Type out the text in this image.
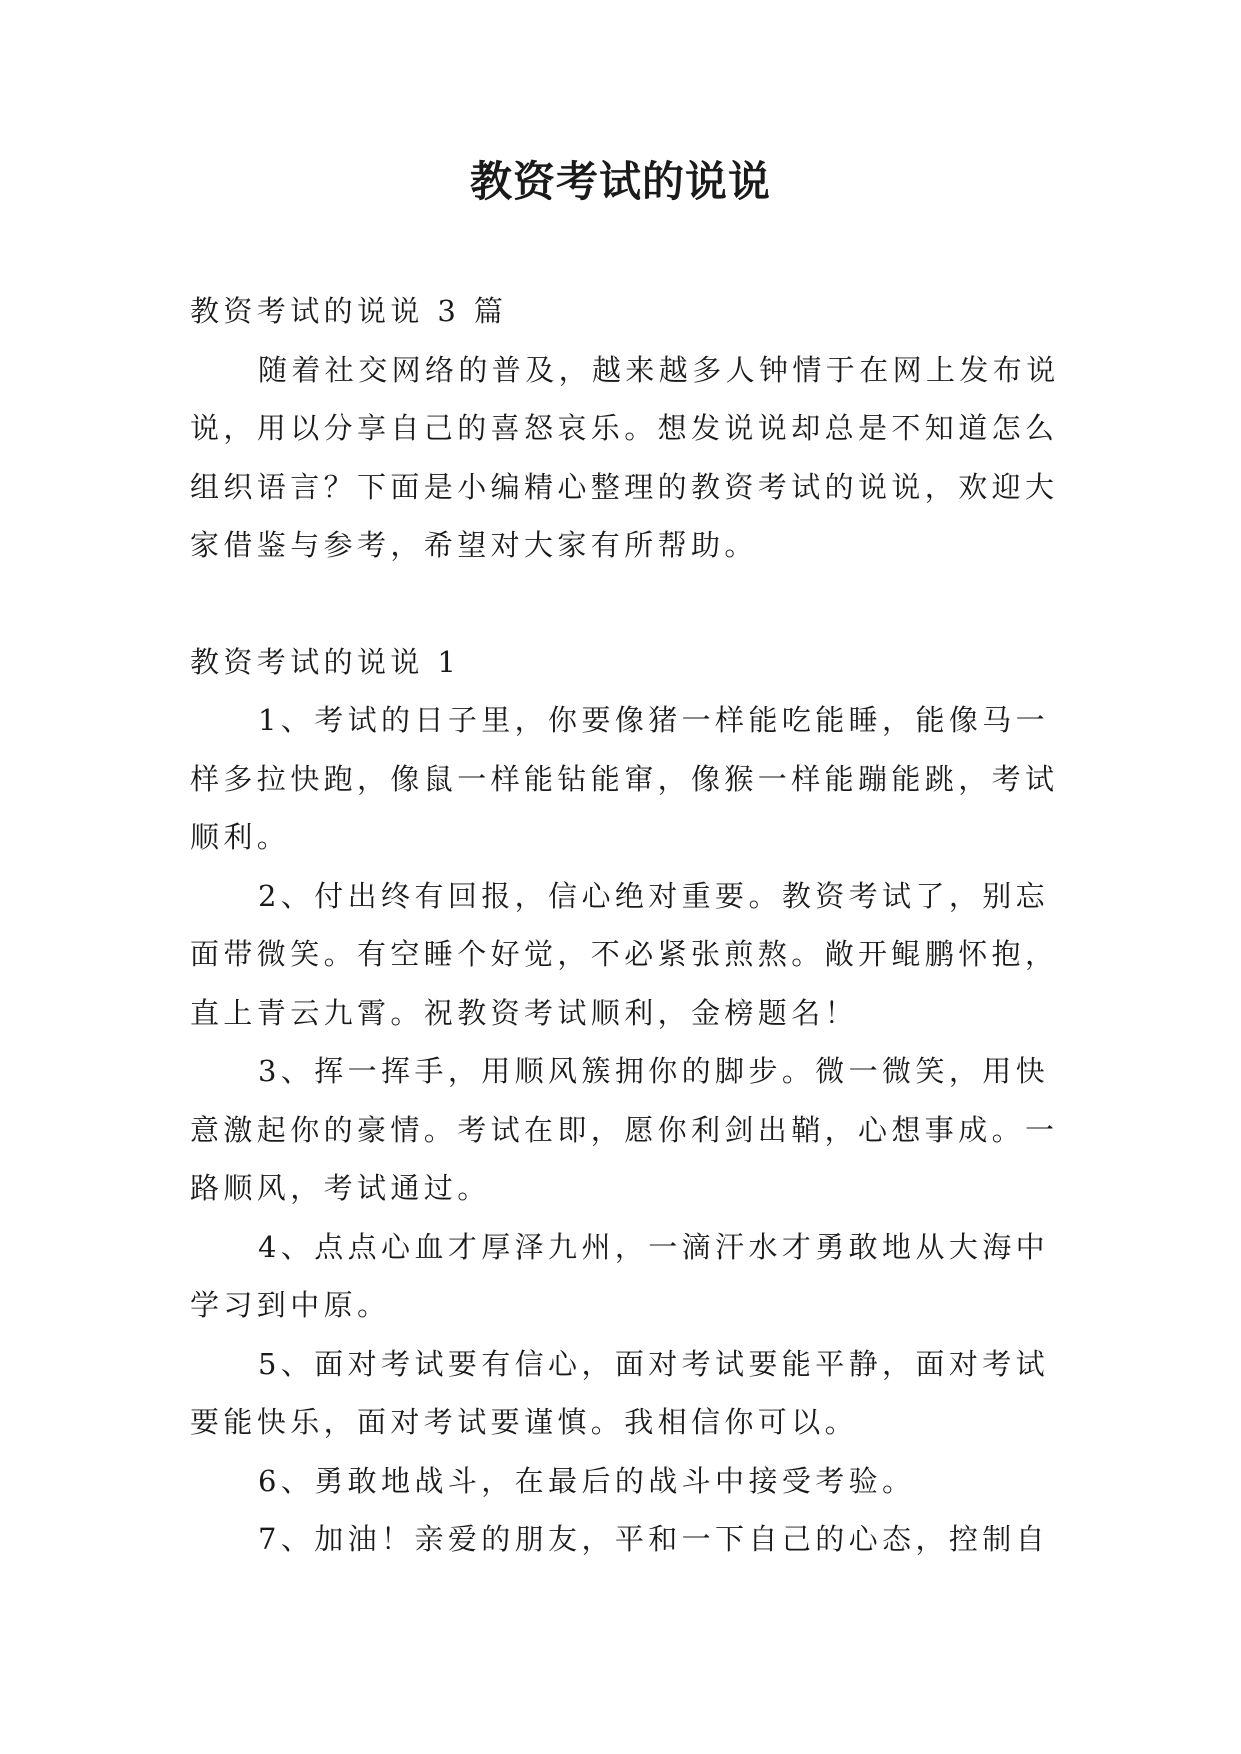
教资考试的说说

教资考试的说说 3 篇

随着社交网络的普及，越来越多人钟情于在网上发布说说，用以分享自己的喜怒哀乐。想发说说却总是不知道怎么组织语言？下面是小编精心整理的教资考试的说说，欢迎大家借鉴与参考，希望对大家有所帮助。

教资考试的说说 1

1、考试的日子里，你要像猪一样能吃能睡，能像马一样多拉快跑，像鼠一样能钻能窜，像猴一样能蹦能跳，考试顺利。

2、付出终有回报，信心绝对重要。教资考试了，别忘面带微笑。有空睡个好觉，不必紧张煎熬。敞开鲲鹏怀抱，直上青云九霄。祝教资考试顺利，金榜题名！

3、挥一挥手，用顺风簇拥你的脚步。微一微笑，用快意激起你的豪情。考试在即，愿你利剑出鞘，心想事成。一路顺风，考试通过。

4、点点心血才厚泽九州，一滴汗水才勇敢地从大海中学习到中原。

5、面对考试要有信心，面对考试要能平静，面对考试要能快乐，面对考试要谨慎。我相信你可以。

6、勇敢地战斗，在最后的战斗中接受考验。

7、加油！亲爱的朋友，平和一下自己的心态，控制自
